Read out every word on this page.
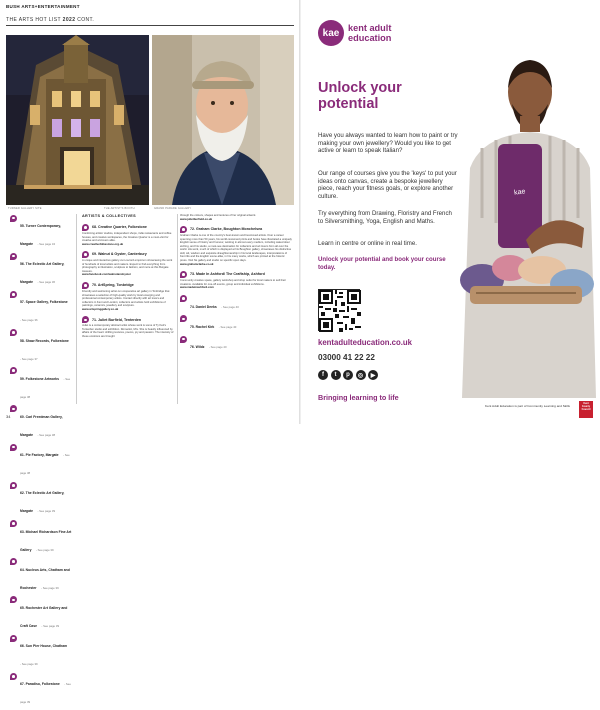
BUSH ARTS+ENTERTAINMENT
THE ARTS HOT LIST 2022 CONT.
TURNER GALLERY SITE	THE ARTIST'S BOOTH	GRAND PARADE GALLERY
55. Turner Contemporary, Margate - See page 34
56. The Eclectic Art Gallery, Margate - See page 36
57. Space Gallery, Folkestone - See page 36
58. Shaw Records, Folkestone - See page 37
59. Folkestone Artworks - See page 38
60. Carl Freedman Gallery, Margate - See page 38
61. Pie Factory, Margate - See page 38
62. The Eclectic Art Gallery, Margate - See page 39
63. Michael Richardson Fine Art Gallery - See page 39
64. Nucleus Arts, Chatham and Rochester - See page 39
65. Rochester Art Gallery and Craft Case - See page 39
66. Sun Pier House, Chatham - See page 39
67. Paradiso, Folkestone - See page 39
ARTISTS & COLLECTIVES
68. Creative Quarter, Folkestone
Combining artists' studios, independent shops, indie restaurants and coffee houses, and creative workspaces, the Creative Quarter is a must-visit for creative and art-lovers alike.
www.creativefolkestone.org.uk
69. Walnut & Oyster, Canterbury
A unique and interactive gallery-cum-record emporium showcasing the work of hundreds of local artists and makers. Expect to find everything from photography to illustration, sculpture to fashion, and more at this Burgate treasure.
www.facebook.com/walnutandoyster
70. ArtSpring, Tonbridge
Friendly and welcoming artist-run cooperative art gallery in Tonbridge that showcases a selection of high-quality work by local emerging and professional contemporary artists. Contact directly with art lovers and collectors in Kent and London; collectors and artists hold exhibitions of paintings, ceramics, jewellery and sculpture.
www.artspringgallery.co.uk
71. Juliet Burfield, Tenterden
Juliet is a contemporary abstract artist whose work is some of Ty Keit's Tenterden studio and exhibition. Romantic, Mrs. She is heavily influenced by affairs of the heart: shifting textures, poems, joy and passion. The intensity of these emotions are brought
through the colours, shapes and textures of her original artwork.
www.julietburfield.co.uk
72. Graham Clarke, Boughton Monchelsea
Graham Clarke is one of the country's best-known and best-loved artists. Over a career spanning more than 50 years, his world-renowned prints and books have illustrated a uniquely English sense of history and humour, working in almost every medium, including watercolour etching, and his studio, a must-see destination for collectors and art lovers from all over the world. His work, much of which is displayed at his Boughton gallery, showcases his distinctive skill, wit, wisdom and exquisite draughtsmanship in his local landscapes, interpretations of Kent life and the English scene alike, in his many works, which are printed at the historic press. Visit his gallery and studio on specific open days.
www.grahamclarke.co.uk
73. Made In Ashford/ The Craftship, Ashford
Community creative space, gallery workshop and shop outlet for local makers to sell their creations. Available for one-off events, group and individual exhibitions.
www.madeinashford.com
74. Daniel Deeks - See page 40
75. Rachel Kirk - See page 40
76. Wildz - See page 40
34
kae kent adult
education
Unlock your potential
Have you always wanted to learn how to paint or try making your own jewellery? Would you like to get active or learn to speak Italian?
Our range of courses give you the 'keys' to put your ideas onto canvas, create a bespoke jewellery piece, reach your fitness goals, or explore another culture.
Try everything from Drawing, Floristry and French to Silversmithing, Yoga, English and Maths.
Learn in centre or online in real time.
Unlock your potential and book your course today.
kentadulteducation.co.uk
03000 41 22 22
f	t	p	◎	▶
Bringing learning to life
kae
Kent Adult Education is part of Community Learning and Skills
Kent County Council
